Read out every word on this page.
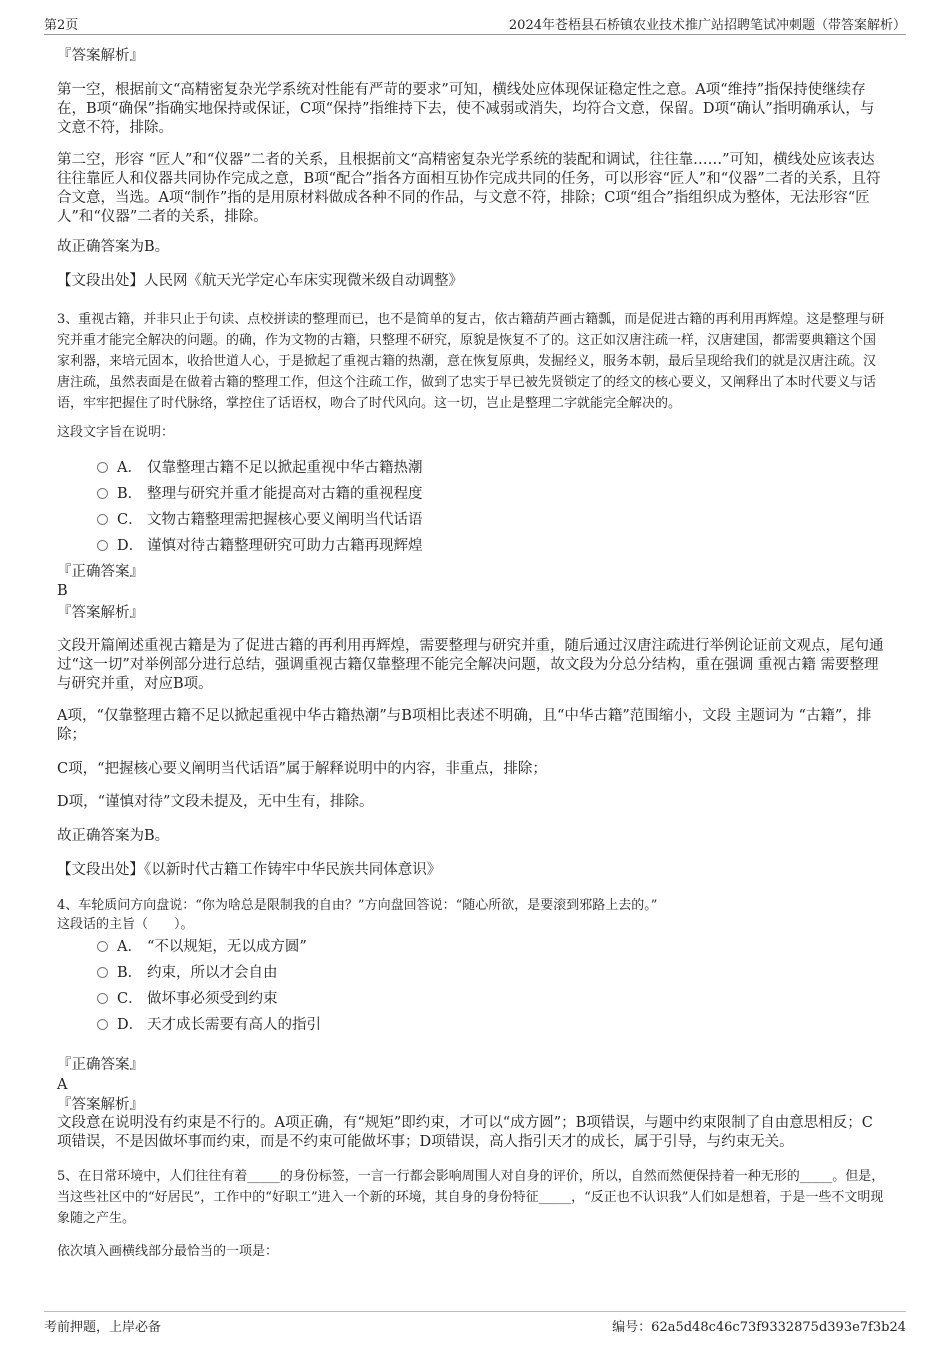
第2页	2024年苍梧县石桥镇农业技术推广站招聘笔试冲刺题（带答案解析）
『答案解析』
第一空，根据前文“高精密复杂光学系统对性能有严苛的要求”可知，横线处应体现保证稳定性之意。A项“维持”指保持使继续存在，B项“确保”指确实地保持或保证，C项“保持”指维持下去，使不减弱或消失，均符合文意，保留。D项“确认”指明确承认，与文意不符，排除。
第二空，形容 “匠人”和“仪器”二者的关系，且根据前文“高精密复杂光学系统的装配和调试，往往靠……”可知，横线处应该表达往往靠匠人和仪器共同协作完成之意，B项“配合”指各方面相互协作完成共同的任务，可以形容“匠人”和“仪器”二者的关系，且符合文意，当选。A项“制作”指的是用原材料做成各种不同的作品，与文意不符，排除；C项“组合”指组织成为整体，无法形容“匠人”和“仪器”二者的关系，排除。
故正确答案为B。
【文段出处】人民网《航天光学定心车床实现微米级自动调整》
3、重视古籍，并非只止于句读、点校拼读的整理而已，也不是简单的复古，依古籍葫芦画古籍瓢，而是促进古籍的再利用再辉煌。这是整理与研究并重才能完全解决的问题。的确，作为文物的古籍，只整理不研究，原貌是恢复不了的。这正如汉唐注疏一样，汉唐建国，都需要典籍这个国家利器，来培元固本，收拾世道人心，于是掀起了重视古籍的热潮，意在恢复原典，发掘经义，服务本朝，最后呈现给我们的就是汉唐注疏。汉唐注疏，虽然表面是在做着古籍的整理工作，但这个注疏工作，做到了忠实于早已被先贤锁定了的经文的核心要义，又阐释出了本时代要义与话语，牢牢把握住了时代脉络，掌控住了话语权，吻合了时代风向。这一切，岂止是整理二字就能完全解决的。
这段文字旨在说明：
A． 仅靠整理古籍不足以掀起重视中华古籍热潮
B． 整理与研究并重才能提高对古籍的重视程度
C． 文物古籍整理需把握核心要义阐明当代话语
D． 谨慎对待古籍整理研究可助力古籍再现辉煌
『正确答案』
B
『答案解析』
文段开篇阐述重视古籍是为了促进古籍的再利用再辉煌，需要整理与研究并重，随后通过汉唐注疏进行举例论证前文观点，尾句通过“这一切”对举例部分进行总结，强调重视古籍仅靠整理不能完全解决问题，故文段为分总分结构，重在强调 重视古籍 需要整理与研究并重，对应B项。
A项，“仅靠整理古籍不足以掀起重视中华古籍热潮”与B项相比表述不明确，且“中华古籍”范围缩小，文段 主题词为 “古籍”，排除；
C项，“把握核心要义阐明当代话语”属于解释说明中的内容，非重点，排除；
D项，“谨慎对待”文段未提及，无中生有，排除。
故正确答案为B。
【文段出处】《以新时代古籍工作铸牢中华民族共同体意识》
4、车轮质问方向盘说：“你为啥总是限制我的自由？”方向盘回答说：“随心所欲，是要滚到邪路上去的。”
这段话的主旨（　　）。
A． “不以规矩，无以成方圆”
B． 约束，所以才会自由
C． 做坏事必须受到约束
D． 天才成长需要有高人的指引
『正确答案』
A
『答案解析』
文段意在说明没有约束是不行的。A项正确，有“规矩”即约束，才可以“成方圆”；B项错误，与题中约束限制了自由意思相反；C项错误，不是因做坏事而约束，而是不约束可能做坏事；D项错误，高人指引天才的成长，属于引导，与约束无关。
5、在日常环境中，人们往往有着_____的身份标签，一言一行都会影响周围人对自身的评价，所以，自然而然便保持着一种无形的_____。但是，当这些社区中的“好居民”，工作中的“好职工”进入一个新的环境，其自身的身份特征_____，“反正也不认识我”人们如是想着，于是一些不文明现象随之产生。
依次填入画横线部分最恰当的一项是：
考前押题，上岸必备	编号：62a5d48c46c73f9332875d393e7f3b24
